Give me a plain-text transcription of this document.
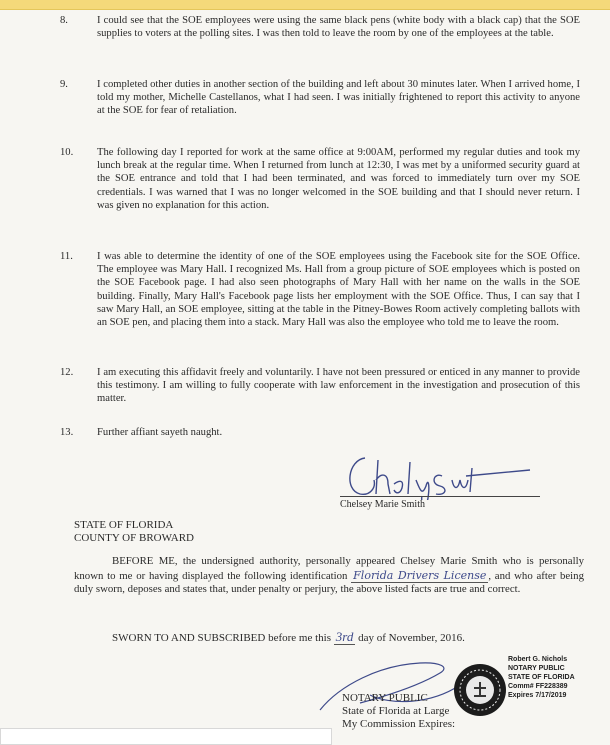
8.	I could see that the SOE employees were using the same black pens (white body with a black cap) that the SOE supplies to voters at the polling sites. I was then told to leave the room by one of the employees at the table.
9.	I completed other duties in another section of the building and left about 30 minutes later. When I arrived home, I told my mother, Michelle Castellanos, what I had seen. I was initially frightened to report this activity to anyone at the SOE for fear of retaliation.
10.	The following day I reported for work at the same office at 9:00AM, performed my regular duties and took my lunch break at the regular time. When I returned from lunch at 12:30, I was met by a uniformed security guard at the SOE entrance and told that I had been terminated, and was forced to immediately turn over my SOE credentials. I was warned that I was no longer welcomed in the SOE building and that I should never return. I was given no explanation for this action.
11.	I was able to determine the identity of one of the SOE employees using the Facebook site for the SOE Office. The employee was Mary Hall. I recognized Ms. Hall from a group picture of SOE employees which is posted on the SOE Facebook page. I had also seen photographs of Mary Hall with her name on the walls in the SOE building. Finally, Mary Hall's Facebook page lists her employment with the SOE Office. Thus, I can say that I saw Mary Hall, an SOE employee, sitting at the table in the Pitney-Bowes Room actively completing ballots with an SOE pen, and placing them into a stack. Mary Hall was also the employee who told me to leave the room.
12.	I am executing this affidavit freely and voluntarily. I have not been pressured or enticed in any manner to provide this testimony. I am willing to fully cooperate with law enforcement in the investigation and prosecution of this matter.
13.	Further affiant sayeth naught.
Chelsey Marie Smith
STATE OF FLORIDA
COUNTY OF BROWARD
BEFORE ME, the undersigned authority, personally appeared Chelsey Marie Smith who is personally known to me or having displayed the following identification Florida Drivers License , and who after being duly sworn, deposes and states that, under penalty or perjury, the above listed facts are true and correct.
SWORN TO AND SUBSCRIBED before me this 3rd day of November, 2016.
Robert G. Nichols
NOTARY PUBLIC
STATE OF FLORIDA
Comm# FF228389
Expires 7/17/2019
NOTARY PUBLIC
State of Florida at Large
My Commission Expires:
